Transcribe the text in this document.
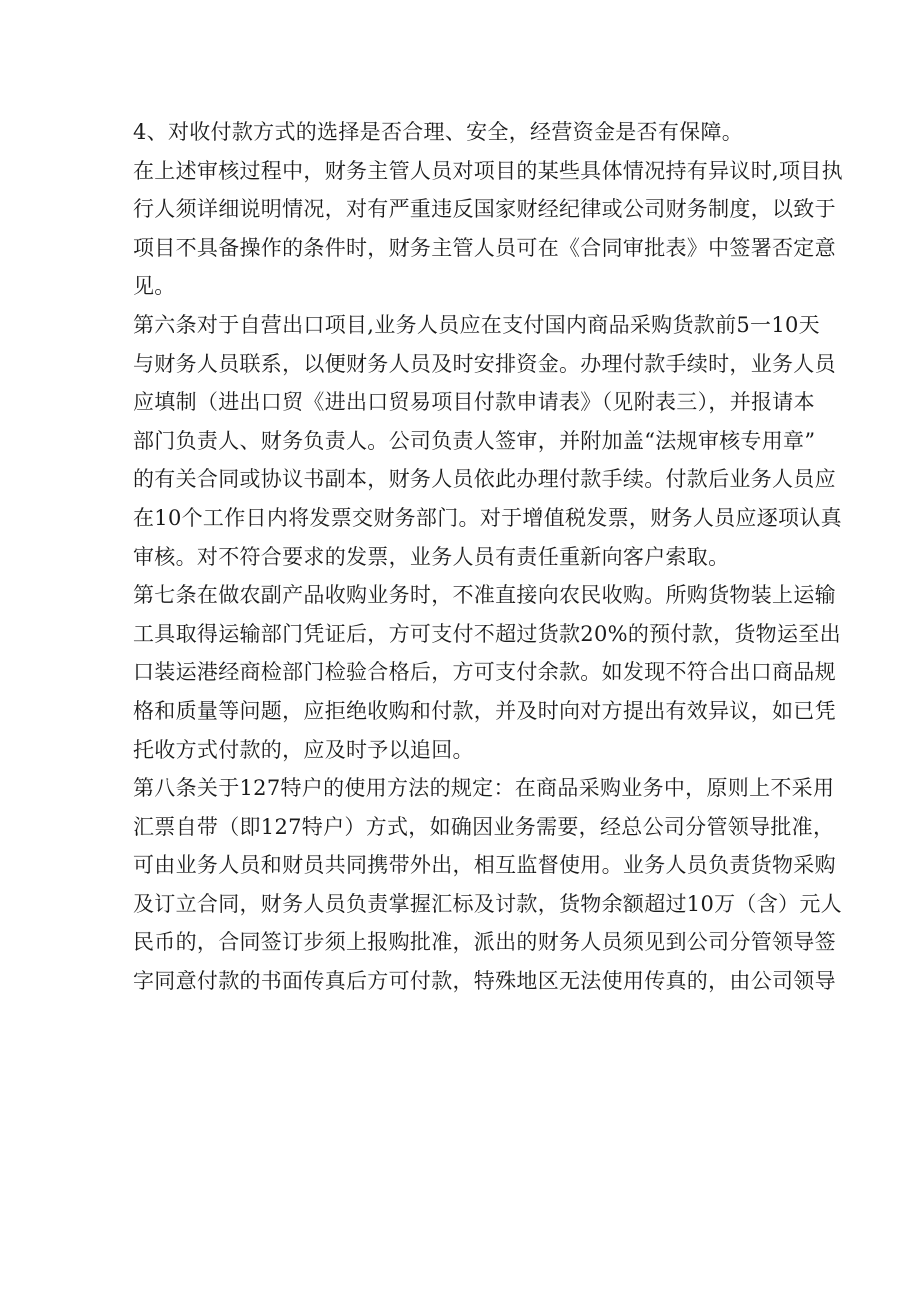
4、对收付款方式的选择是否合理、安全，经营资金是否有保障。
在上述审核过程中，财务主管人员对项目的某些具体情况持有异议时,项目执
行人须详细说明情况，对有严重违反国家财经纪律或公司财务制度，以致于
项目不具备操作的条件时，财务主管人员可在《合同审批表》中签署否定意
见。
第六条对于自营出口项目,业务人员应在支付国内商品采购货款前5一10天
与财务人员联系，以便财务人员及时安排资金。办理付款手续时，业务人员
应填制（进出口贸《进出口贸易项目付款申请表》（见附表三），并报请本
部门负责人、财务负责人。公司负责人签审，并附加盖“法规审核专用章”
的有关合同或协议书副本，财务人员依此办理付款手续。付款后业务人员应
在10个工作日内将发票交财务部门。对于增值税发票，财务人员应逐项认真
审核。对不符合要求的发票，业务人员有责任重新向客户索取。
第七条在做农副产品收购业务时，不准直接向农民收购。所购货物装上运输
工具取得运输部门凭证后，方可支付不超过货款20%的预付款，货物运至出
口装运港经商检部门检验合格后，方可支付余款。如发现不符合出口商品规
格和质量等问题，应拒绝收购和付款，并及时向对方提出有效异议，如已凭
托收方式付款的，应及时予以追回。
第八条关于127特户的使用方法的规定：在商品采购业务中，原则上不采用
汇票自带（即127特户）方式，如确因业务需要，经总公司分管领导批准，
可由业务人员和财员共同携带外出，相互监督使用。业务人员负责货物采购
及订立合同，财务人员负责掌握汇标及讨款，货物余额超过10万（含）元人
民币的，合同签订步须上报购批准，派出的财务人员须见到公司分管领导签
字同意付款的书面传真后方可付款，特殊地区无法使用传真的，由公司领导
